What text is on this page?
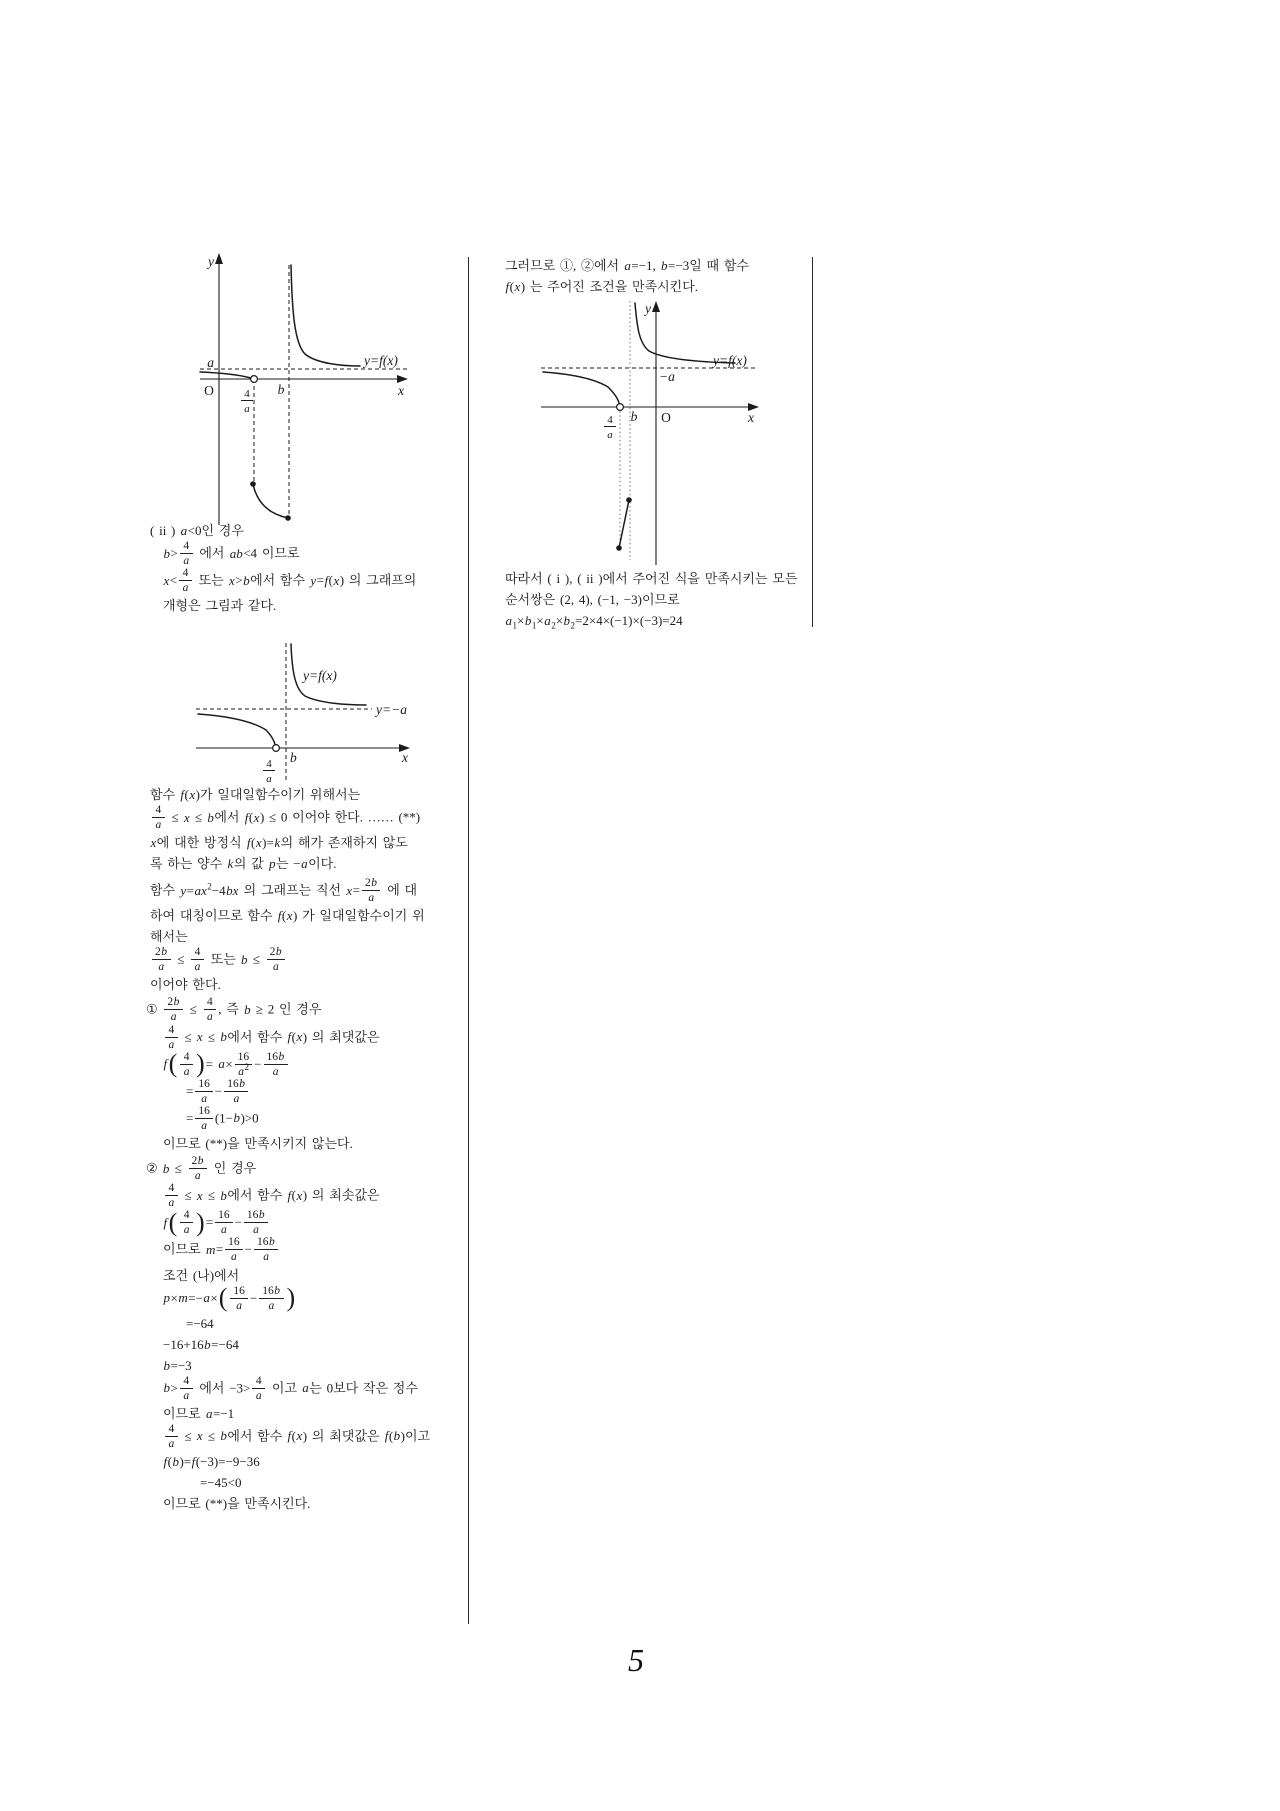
y
x
O
a
b
4
a
y=f(x)
( ii ) a<0인 경우
$b> \frac{4}{a}$ 에서 ab<4 이므로
$x< \frac{4}{a}$ 또는 x>b에서 함수 y=f(x) 의 그래프의
개형은 그림과 같다.
x
b
y=−a
y=f(x)
4
a
함수 f(x)가 일대일함수이기 위해서는
$\frac{4}{a} \le x \le b$에서 f(x) ≤ 0 이어야 한다. …… (**)
x에 대한 방정식 f(x)=k의 해가 존재하지 않도
록 하는 양수 k의 값 p는 −a이다.
함수 $y=ax^2-4bx$ 의 그래프는 직선 $x= \frac{2b}{a}$ 에 대
하여 대칭이므로 함수 f(x) 가 일대일함수이기 위
해서는
$\frac{2b}{a} \le \frac{4}{a}$ 또는 $b \le \frac{2b}{a}$
이어야 한다.
① $\frac{2b}{a} \le \frac{4}{a}$ , 즉 b ≥ 2 인 경우
$\frac{4}{a} \le x \le b$에서 함수 f(x) 의 최댓값은
$f( \frac{4}{a}$ )= $a\times \frac{16}{a^2} - \frac{16b}{a}$
= $\frac{16}{a} - \frac{16b}{a}$
= $\frac{16}{a} (1-b)>0$
이므로 (**)을 만족시키지 않는다.
② $b \le \frac{2b}{a}$ 인 경우
$\frac{4}{a} \le x \le b$에서 함수 f(x) 의 최솟값은
$f( \frac{4}{a}$ )= $\frac{16}{a} - \frac{16b}{a}$
이므로 $m= \frac{16}{a} - \frac{16b}{a}$
조건 (나)에서
$p\times m=-a\times( \frac{16}{a} - \frac{16b}{a}$ )
=−64
−16+16b=−64
b=−3
$b> \frac{4}{a}$ 에서 $-3> \frac{4}{a}$ 이고 a는 0보다 작은 정수
이므로 a=−1
$\frac{4}{a} \le x \le b$에서 함수 f(x) 의 최댓값은 f(b)이고
f(b)=f(−3)=−9−36
=−45<0
이므로 (**)을 만족시킨다.
그러므로 ①, ②에서 a=−1, b=−3일 때 함수
f(x) 는 주어진 조건을 만족시킨다.
y
x
O
−a
b
y=f(x)
4
a
따라서 ( i ), ( ii )에서 주어진 식을 만족시키는 모든
순서쌍은 (2, 4), (−1, −3)이므로
$a_1\times b_1\times a_2\times b_2=2\times 4\times(-1)\times(-3)=24$
5
